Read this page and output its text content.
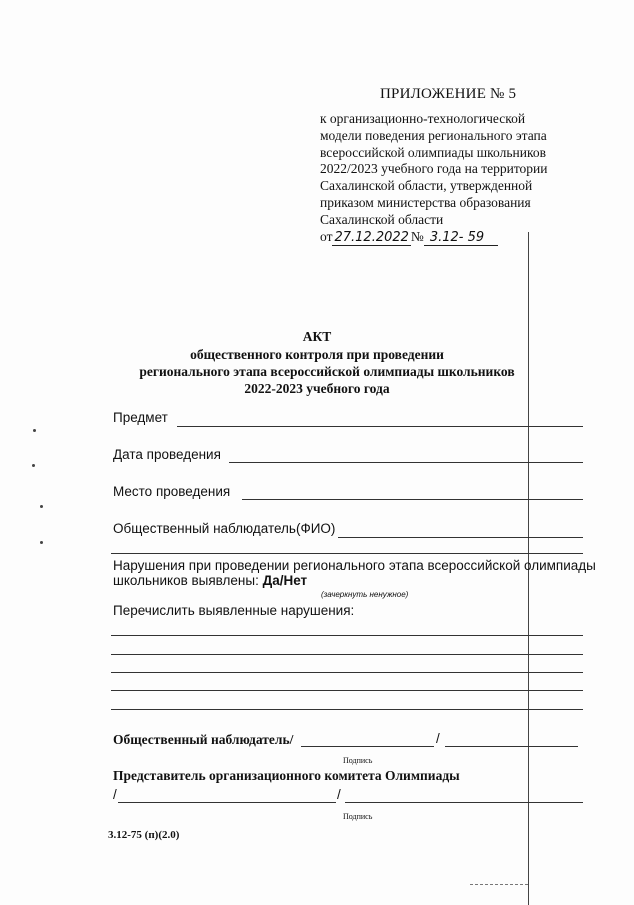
ПРИЛОЖЕНИЕ № 5
к организационно-технологической
модели поведения регионального этапа
всероссийской олимпиады школьников
2022/2023 учебного года на территории
Сахалинской области, утвержденной
приказом министерства образования
Сахалинской области
от 27.12.2022 № 3.12- 59
АКТ
общественного контроля при проведении
регионального этапа всероссийской олимпиады школьников
2022-2023 учебного года
Предмет
Дата проведения
Место проведения
Общественный наблюдатель(ФИО)
Нарушения при проведении регионального этапа всероссийской олимпиады
школьников выявлены: Да/Нет
(зачеркнуть ненужное)
Перечислить выявленные нарушения:
Общественный наблюдатель/	/
Подпись
Представитель организационного комитета Олимпиады
/	/
Подпись
3.12-75 (п)(2.0)
